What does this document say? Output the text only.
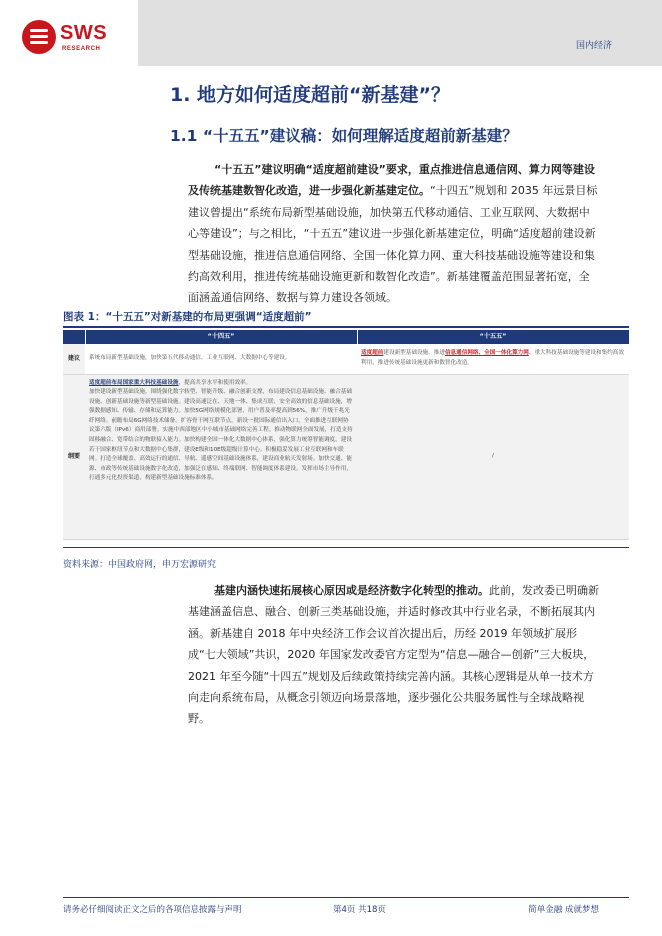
SWS
RESEARCH	国内经济
1. 地方如何适度超前“新基建”？
1.1 “十五五”建议稿：如何理解适度超前新基建？
“十五五”建议明确“适度超前建设”要求，重点推进信息通信网、算力网等建设及传统基建数智化改造，进一步强化新基建定位。“十四五”规划和 2035 年远景目标建议曾提出“系统布局新型基础设施，加快第五代移动通信、工业互联网、大数据中心等建设”；与之相比，“十五五”建议进一步强化新基建定位，明确“适度超前建设新型基础设施，推进信息通信网络、全国一体化算力网、重大科技基础设施等建设和集约高效利用，推进传统基础设施更新和数智化改造”。新基建覆盖范围显著拓宽，全面涵盖通信网络、数据与算力建设各领域。
图表 1：“十五五”对新基建的布局更强调“适度超前”
	“十四五”	“十五五”
建议	系统布局新型基础设施，加快第五代移动通信、工业互联网、大数据中心等建设。	适度超前建设新型基础设施，推进信息通信网络、全国一体化算力网、重大科技基础设施等建设和集约高效利用，推进传统基础设施更新和数智化改造。
纲要	适度超前布局国家重大科技基础设施，提高共享水平和使用效率。

加快建设新型基础设施。围绕强化数字转型、智能升级、融合创新支撑，布局建设信息基础设施、融合基础设施、创新基础设施等新型基础设施。建设高速泛在、天地一体、集成互联、安全高效的信息基础设施，增强数据感知、传输、存储和运算能力。加快5G网络规模化部署，用户普及率提高到56%，推广升级千兆光纤网络。前瞻布局6G网络技术储备。扩容骨干网互联节点，新设一批国际通信出入口，全面推进互联网协议第六版（IPv6）商用部署。实施中西部地区中小城市基础网络完善工程。推动物联网全面发展，打造支持固移融合、宽带结合的物联接入能力。加快构建全国一体化大数据中心体系，强化算力统筹智能调度，建设若干国家枢纽节点和大数据中心集群，建设E级和10E级超级计算中心。积极稳妥发展工业互联网和车联网。打造全球覆盖、高效运行的通信、导航、遥感空间基础设施体系，建设商业航天发射场。加快交通、能源、市政等传统基础设施数字化改造，加强泛在感知、终端联网、智能调度体系建设。发挥市场主导作用，打通多元化投资渠道，构建新型基础设施标准体系。	/
资料来源：中国政府网，申万宏源研究
基建内涵快速拓展核心原因或是经济数字化转型的推动。此前，发改委已明确新基建涵盖信息、融合、创新三类基础设施，并适时修改其中行业名录，不断拓展其内涵。新基建自 2018 年中央经济工作会议首次提出后，历经 2019 年领域扩展形成“七大领域”共识，2020 年国家发改委官方定型为“信息—融合—创新”三大板块，2021 年至今随“十四五”规划及后续政策持续完善内涵。其核心逻辑是从单一技术方向走向系统布局，从概念引领迈向场景落地，逐步强化公共服务属性与全球战略视野。
请务必仔细阅读正文之后的各项信息披露与声明	第4页 共18页	简单金融 成就梦想
